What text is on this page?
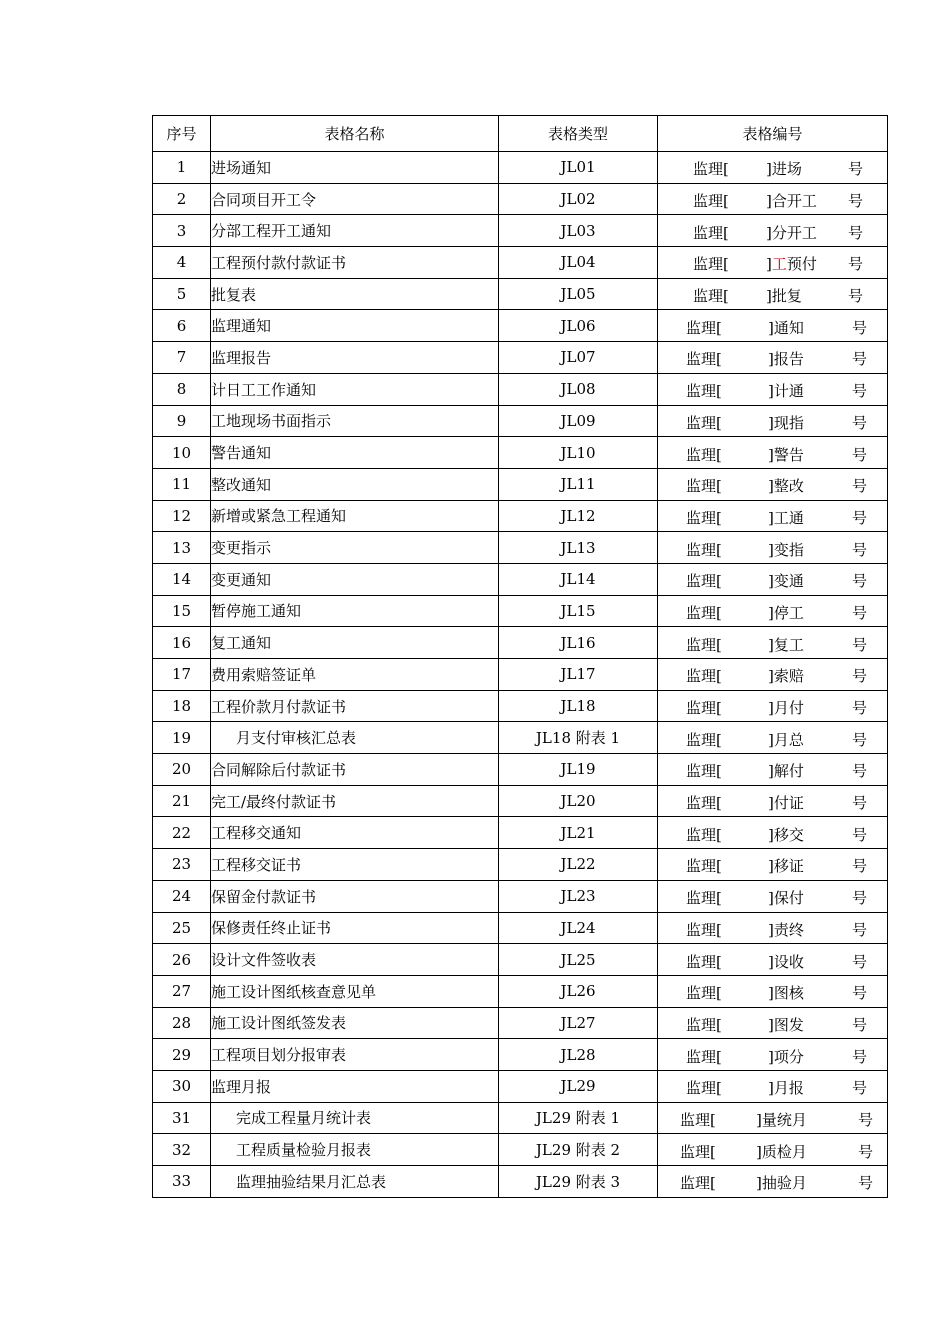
序号	表格名称	表格类型	表格编号
1	进场通知	JL01	监理[ ]进场 号

2	合同项目开工令	JL02	监理[ ]合开工 号

3	分部工程开工通知	JL03	监理[ ]分开工 号

4	工程预付款付款证书	JL04	监理[ ]工预付 号

5	批复表	JL05	监理[ ]批复 号

6	监理通知	JL06	监理[ ]通知 号

7	监理报告	JL07	监理[ ]报告 号

8	计日工工作通知	JL08	监理[ ]计通 号

9	工地现场书面指示	JL09	监理[ ]现指 号

10	警告通知	JL10	监理[ ]警告 号

11	整改通知	JL11	监理[ ]整改 号

12	新增或紧急工程通知	JL12	监理[ ]工通 号

13	变更指示	JL13	监理[ ]变指 号

14	变更通知	JL14	监理[ ]变通 号

15	暂停施工通知	JL15	监理[ ]停工 号

16	复工通知	JL16	监理[ ]复工 号

17	费用索赔签证单	JL17	监理[ ]索赔 号

18	工程价款月付款证书	JL18	监理[ ]月付 号

19	月支付审核汇总表	JL18 附表 1	监理[ ]月总 号

20	合同解除后付款证书	JL19	监理[ ]解付 号

21	完工/最终付款证书	JL20	监理[ ]付证 号

22	工程移交通知	JL21	监理[ ]移交 号

23	工程移交证书	JL22	监理[ ]移证 号

24	保留金付款证书	JL23	监理[ ]保付 号

25	保修责任终止证书	JL24	监理[ ]责终 号

26	设计文件签收表	JL25	监理[ ]设收 号

27	施工设计图纸核查意见单	JL26	监理[ ]图核 号

28	施工设计图纸签发表	JL27	监理[ ]图发 号

29	工程项目划分报审表	JL28	监理[ ]项分 号

30	监理月报	JL29	监理[ ]月报 号

31	完成工程量月统计表	JL29 附表 1	监理[ ]量统月 号

32	工程质量检验月报表	JL29 附表 2	监理[ ]质检月 号

33	监理抽验结果月汇总表	JL29 附表 3	监理[ ]抽验月 号
